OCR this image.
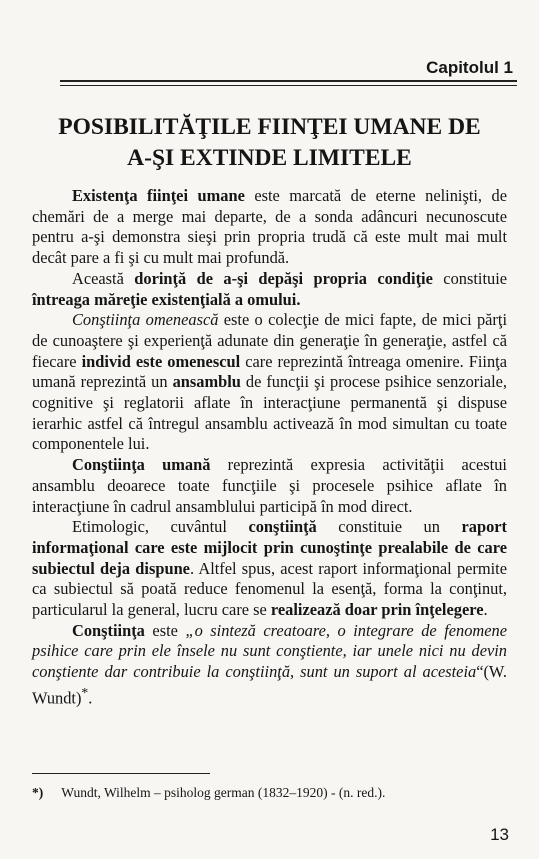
Capitolul 1
POSIBILITĂŢILE FIINŢEI UMANE DE
A-ŞI EXTINDE LIMITELE

Existenţa fiinţei umane este marcată de eterne nelinişti, de chemări de a merge mai departe, de a sonda adâncuri necunoscute pentru a-şi demonstra sieşi prin propria trudă că este mult mai mult decât pare a fi şi cu mult mai profundă.

Această dorinţă de a-şi depăşi propria condiţie constituie întreaga măreţie existenţială a omului.

Conştiinţa omenească este o colecţie de mici fapte, de mici părţi de cunoaştere şi experienţă adunate din generaţie în generaţie, astfel că fiecare individ este omenescul care reprezintă întreaga omenire. Fiinţa umană reprezintă un ansamblu de funcţii şi procese psihice senzoriale, cognitive şi reglatorii aflate în interacţiune permanentă şi dispuse ierarhic astfel că întregul ansamblu activează în mod simultan cu toate componentele lui.

Conştiinţa umană reprezintă expresia activităţii acestui ansamblu deoarece toate funcţiile şi procesele psihice aflate în interacţiune în cadrul ansamblului participă în mod direct.

Etimologic, cuvântul conştiinţă constituie un raport informaţional care este mijlocit prin cunoştinţe prealabile de care subiectul deja dispune. Altfel spus, acest raport informaţional permite ca subiectul să poată reduce fenomenul la esenţă, forma la conţinut, particularul la general, lucru care se realizează doar prin înţelegere.

Conştiinţa este „o sinteză creatoare, o integrare de fenomene psihice care prin ele însele nu sunt conştiente, iar unele nici nu devin conştiente dar contribuie la conştiinţă, sunt un suport al acesteia“(W. Wundt)*.

*) Wundt, Wilhelm – psiholog german (1832–1920) - (n. red.).
13
